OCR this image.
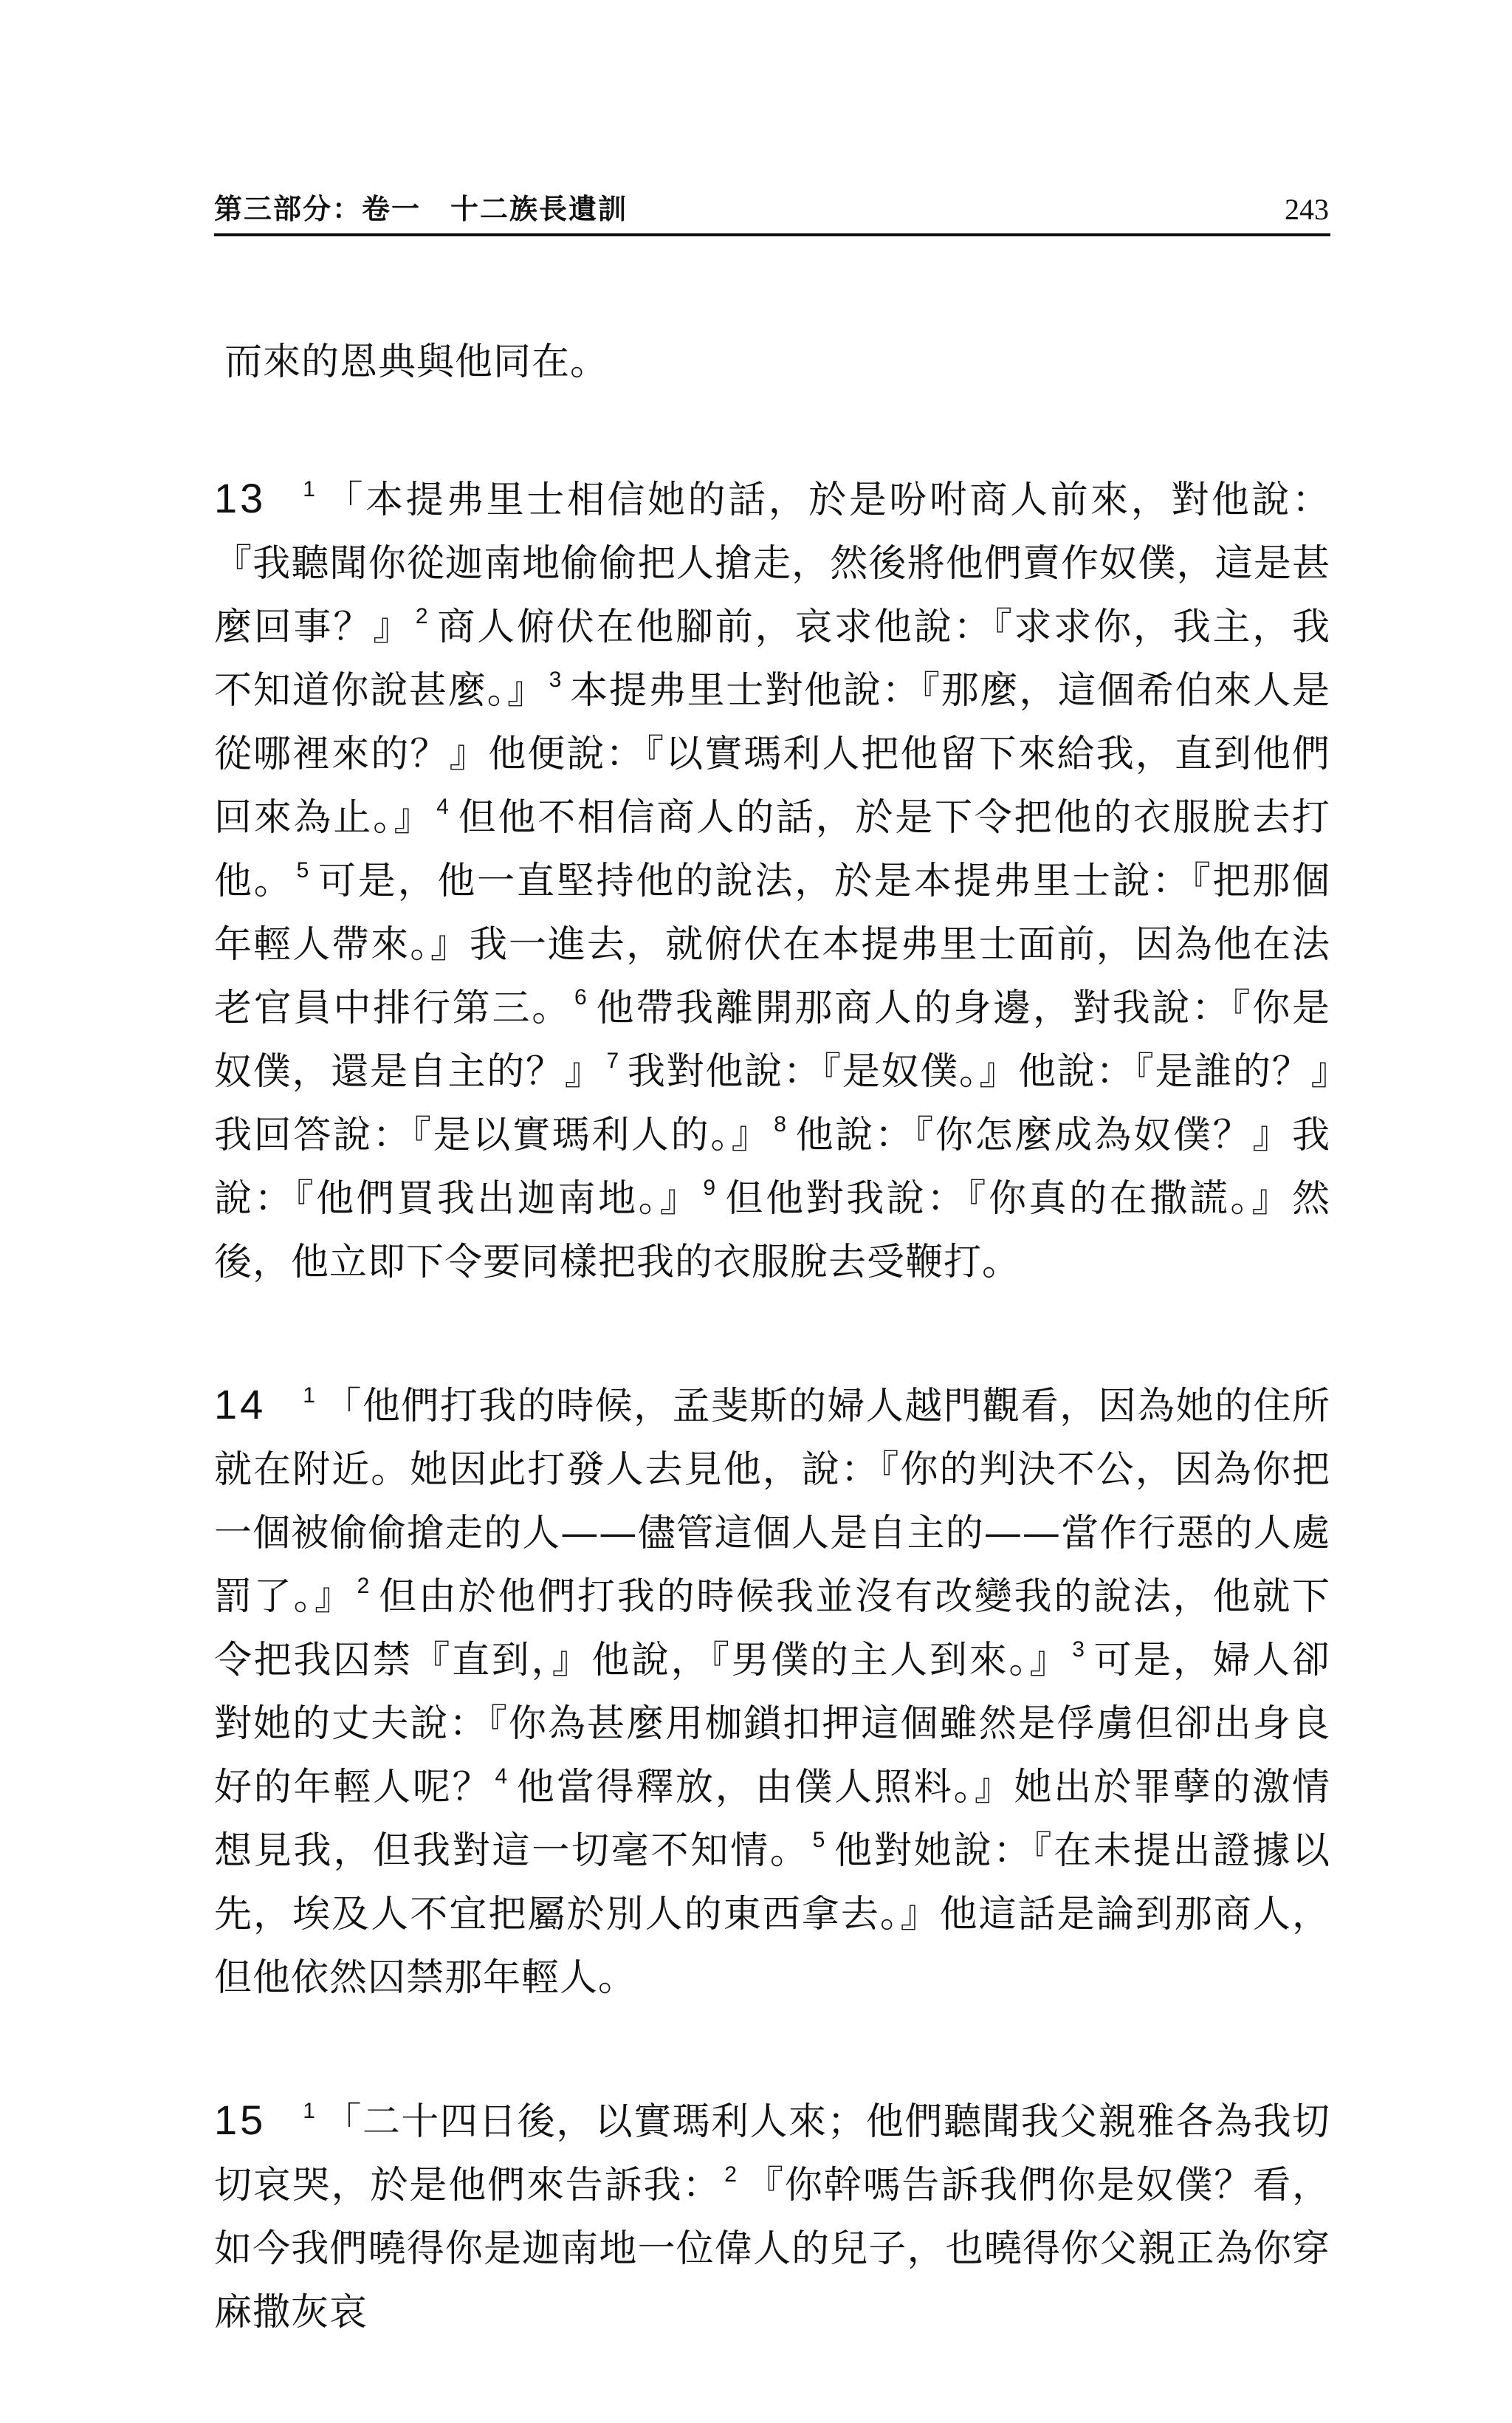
第三部分：卷一　十二族長遺訓	243

而來的恩典與他同在。

13 $^1$ 「本提弗里士相信她的話，於是吩咐商人前來，對他說：『我聽聞你從迦南地偷偷把人搶走，然後將他們賣作奴僕，這是甚麼回事？』 $^2$ 商人俯伏在他腳前，哀求他說：『求求你，我主，我不知道你說甚麼。』 $^3$ 本提弗里士對他說：『那麼，這個希伯來人是從哪裡來的？』他便說：『以實瑪利人把他留下來給我，直到他們回來為止。』 $^4$ 但他不相信商人的話，於是下令把他的衣服脫去打他。 $^5$ 可是，他一直堅持他的說法，於是本提弗里士說：『把那個年輕人帶來。』我一進去，就俯伏在本提弗里士面前，因為他在法老官員中排行第三。 $^6$ 他帶我離開那商人的身邊，對我說：『你是奴僕，還是自主的？』 $^7$ 我對他說：『是奴僕。』他說：『是誰的？』我回答說：『是以實瑪利人的。』 $^8$ 他說：『你怎麼成為奴僕？』我說：『他們買我出迦南地。』 $^9$ 但他對我說：『你真的在撒謊。』然後，他立即下令要同樣把我的衣服脫去受鞭打。

14 $^1$ 「他們打我的時候，孟斐斯的婦人越門觀看，因為她的住所就在附近。她因此打發人去見他，說：『你的判決不公，因為你把一個被偷偷搶走的人——儘管這個人是自主的——當作行惡的人處罰了。』 $^2$ 但由於他們打我的時候我並沒有改變我的說法，他就下令把我囚禁『直到，』他說，『男僕的主人到來。』 $^3$ 可是，婦人卻對她的丈夫說：『你為甚麼用枷鎖扣押這個雖然是俘虜但卻出身良好的年輕人呢？ $^4$ 他當得釋放，由僕人照料。』她出於罪孽的激情想見我，但我對這一切毫不知情。 $^5$ 他對她說：『在未提出證據以先，埃及人不宜把屬於別人的東西拿去。』他這話是論到那商人，但他依然囚禁那年輕人。

15 $^1$ 「二十四日後，以實瑪利人來；他們聽聞我父親雅各為我切切哀哭，於是他們來告訴我： $^2$ 『你幹嗎告訴我們你是奴僕？看，如今我們曉得你是迦南地一位偉人的兒子，也曉得你父親正為你穿麻撒灰哀
